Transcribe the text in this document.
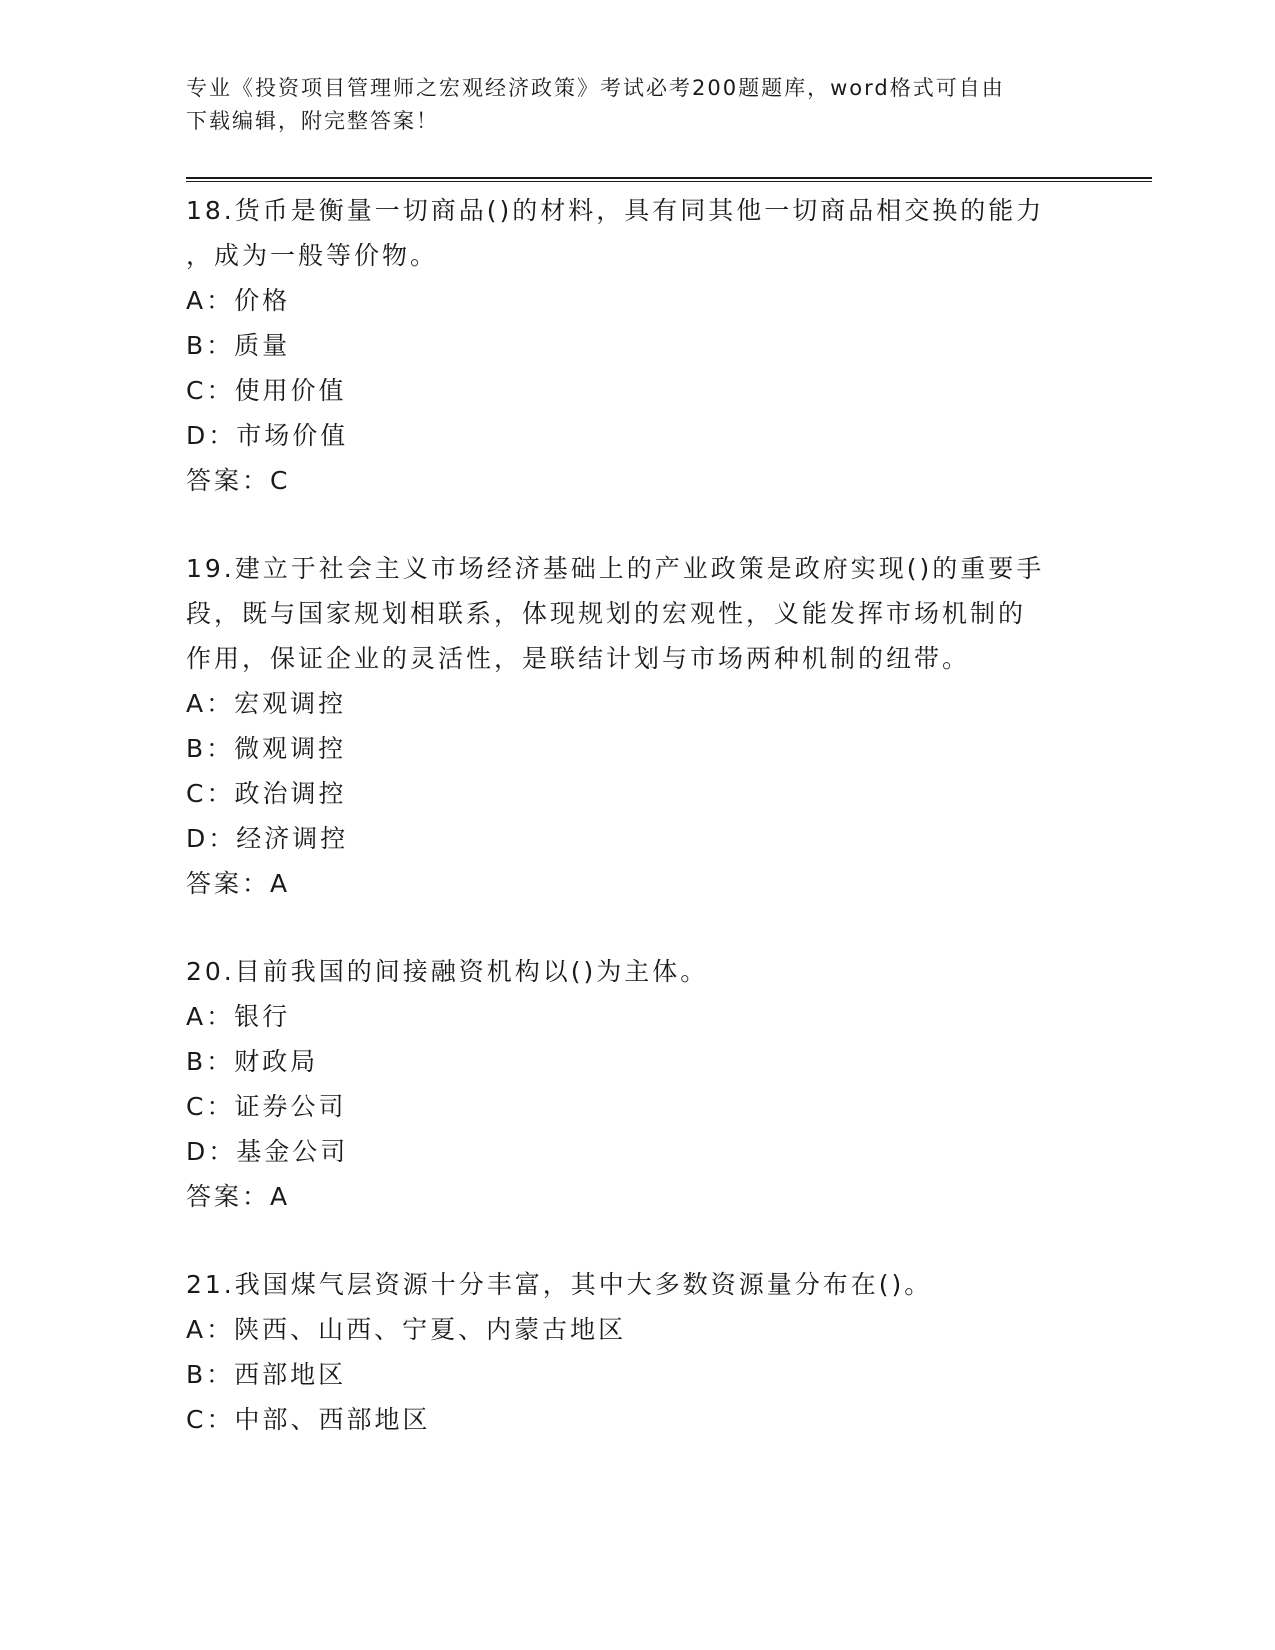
专业《投资项目管理师之宏观经济政策》考试必考200题题库，word格式可自由
下载编辑，附完整答案！
18.货币是衡量一切商品()的材料，具有同其他一切商品相交换的能力
，成为一般等价物。
A：价格
B：质量
C：使用价值
D：市场价值
答案：C
19.建立于社会主义市场经济基础上的产业政策是政府实现()的重要手
段，既与国家规划相联系，体现规划的宏观性，义能发挥市场机制的
作用，保证企业的灵活性，是联结计划与市场两种机制的纽带。
A：宏观调控
B：微观调控
C：政治调控
D：经济调控
答案：A
20.目前我国的间接融资机构以()为主体。
A：银行
B：财政局
C：证券公司
D：基金公司
答案：A
21.我国煤气层资源十分丰富，其中大多数资源量分布在()。
A：陕西、山西、宁夏、内蒙古地区
B：西部地区
C：中部、西部地区
